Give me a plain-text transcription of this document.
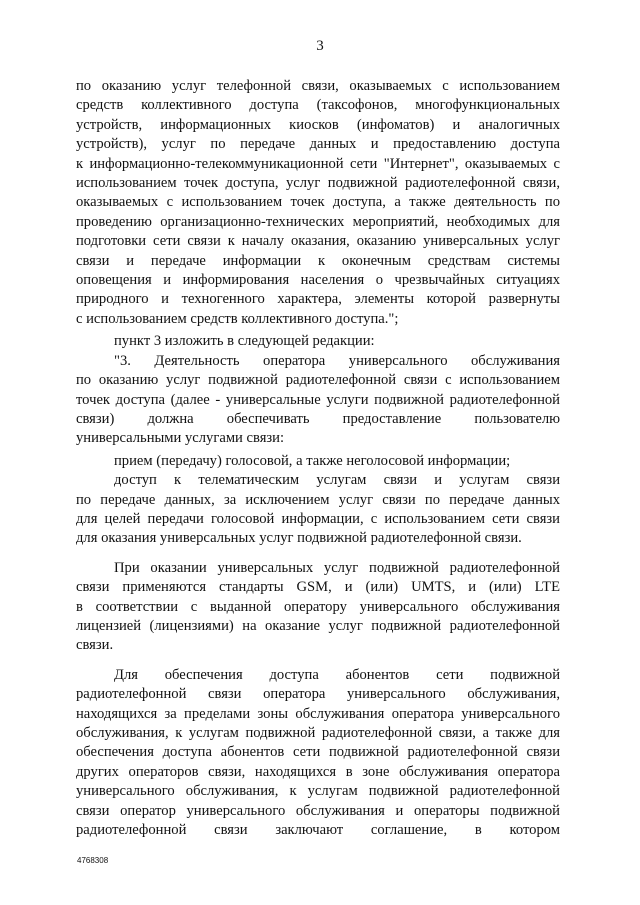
3

по оказанию услуг телефонной связи, оказываемых с использованием

средств коллективного доступа (таксофонов, многофункциональных

устройств, информационных киосков (инфоматов) и аналогичных

устройств), услуг по передаче данных и предоставлению доступа

к информационно-телекоммуникационной сети "Интернет", оказываемых с

использованием точек доступа, услуг подвижной радиотелефонной связи,

оказываемых с использованием точек доступа, а также деятельность по

проведению организационно-технических мероприятий, необходимых для

подготовки сети связи к началу оказания, оказанию универсальных услуг

связи и передаче информации к оконечным средствам системы

оповещения и информирования населения о чрезвычайных ситуациях

природного и техногенного характера, элементы которой развернуты

с использованием средств коллективного доступа.";

пункт 3 изложить в следующей редакции:

"3. Деятельность оператора универсального обслуживания

по оказанию услуг подвижной радиотелефонной связи с использованием

точек доступа (далее - универсальные услуги подвижной радиотелефонной

связи) должна обеспечивать предоставление пользователю

универсальными услугами связи:

прием (передачу) голосовой, а также неголосовой информации;

доступ к телематическим услугам связи и услугам связи

по передаче данных, за исключением услуг связи по передаче данных

для целей передачи голосовой информации, с использованием сети связи

для оказания универсальных услуг подвижной радиотелефонной связи.

При оказании универсальных услуг подвижной радиотелефонной

связи применяются стандарты GSM, и (или) UMTS, и (или) LTE

в соответствии с выданной оператору универсального обслуживания

лицензией (лицензиями) на оказание услуг подвижной радиотелефонной

связи.

Для обеспечения доступа абонентов сети подвижной

радиотелефонной связи оператора универсального обслуживания,

находящихся за пределами зоны обслуживания оператора универсального

обслуживания, к услугам подвижной радиотелефонной связи, а также для

обеспечения доступа абонентов сети подвижной радиотелефонной связи

других операторов связи, находящихся в зоне обслуживания оператора

универсального обслуживания, к услугам подвижной радиотелефонной

связи оператор универсального обслуживания и операторы подвижной

радиотелефонной связи заключают соглашение, в котором

4768308
